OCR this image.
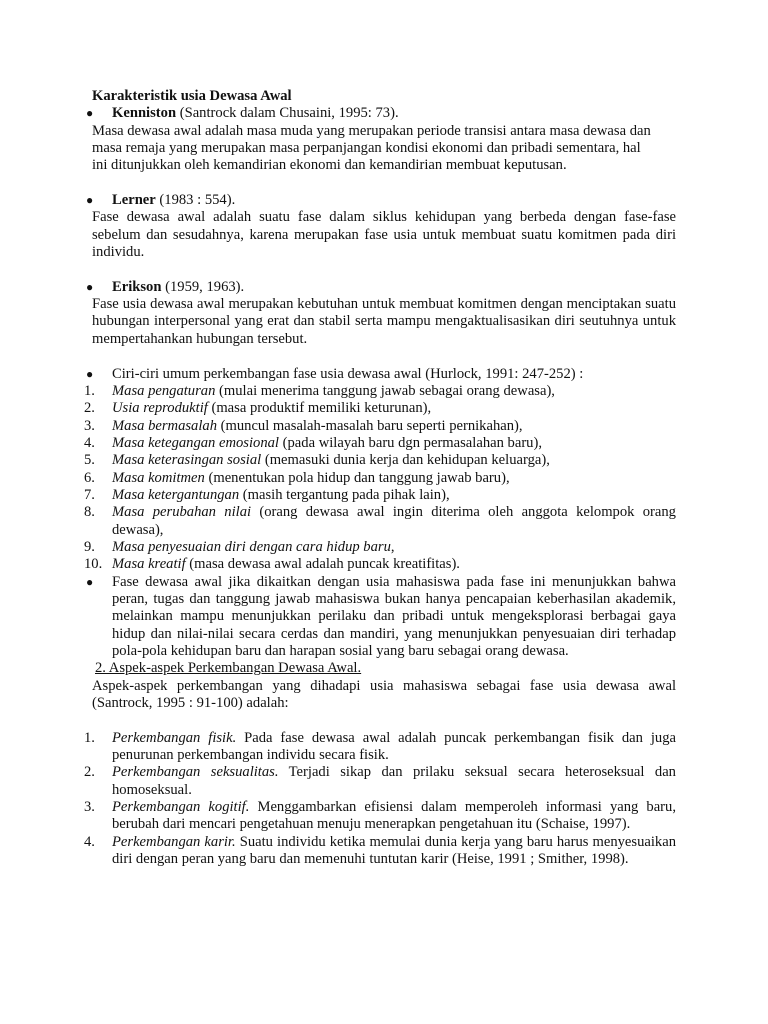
Karakteristik usia Dewasa Awal
● Kenniston (Santrock dalam Chusaini, 1995: 73).
Masa dewasa awal adalah masa muda yang merupakan periode transisi antara masa dewasa dan masa remaja yang merupakan masa perpanjangan kondisi ekonomi dan pribadi sementara, hal ini ditunjukkan oleh kemandirian ekonomi dan kemandirian membuat keputusan.
● Lerner (1983 : 554).
Fase dewasa awal adalah suatu fase dalam siklus kehidupan yang berbeda dengan fase-fase sebelum dan sesudahnya, karena merupakan fase usia untuk membuat suatu komitmen pada diri individu.
● Erikson (1959, 1963).
Fase usia dewasa awal merupakan kebutuhan untuk membuat komitmen dengan menciptakan suatu hubungan interpersonal yang erat dan stabil serta mampu mengaktualisasikan diri seutuhnya untuk mempertahankan hubungan tersebut.
● Ciri-ciri umum perkembangan fase usia dewasa awal (Hurlock, 1991: 247-252) :
1. Masa pengaturan (mulai menerima tanggung jawab sebagai orang dewasa),
2. Usia reproduktif (masa produktif memiliki keturunan),
3. Masa bermasalah (muncul masalah-masalah baru seperti pernikahan),
4. Masa ketegangan emosional (pada wilayah baru dgn permasalahan baru),
5. Masa keterasingan sosial (memasuki dunia kerja dan kehidupan keluarga),
6. Masa komitmen (menentukan pola hidup dan tanggung jawab baru),
7. Masa ketergantungan (masih tergantung pada pihak lain),
8. Masa perubahan nilai (orang dewasa awal ingin diterima oleh anggota kelompok orang dewasa),
9. Masa penyesuaian diri dengan cara hidup baru,
10. Masa kreatif (masa dewasa awal adalah puncak kreatifitas).
● Fase dewasa awal jika dikaitkan dengan usia mahasiswa pada fase ini menunjukkan bahwa peran, tugas dan tanggung jawab mahasiswa bukan hanya pencapaian keberhasilan akademik, melainkan mampu menunjukkan perilaku dan pribadi untuk mengeksplorasi berbagai gaya hidup dan nilai-nilai secara cerdas dan mandiri, yang menunjukkan penyesuaian diri terhadap pola-pola kehidupan baru dan harapan sosial yang baru sebagai orang dewasa.
2. Aspek-aspek Perkembangan Dewasa Awal.
Aspek-aspek perkembangan yang dihadapi usia mahasiswa sebagai fase usia dewasa awal (Santrock, 1995 : 91-100) adalah:
1. Perkembangan fisik. Pada fase dewasa awal adalah puncak perkembangan fisik dan juga penurunan perkembangan individu secara fisik.
2. Perkembangan seksualitas. Terjadi sikap dan prilaku seksual secara heteroseksual dan homoseksual.
3. Perkembangan kogitif. Menggambarkan efisiensi dalam memperoleh informasi yang baru, berubah dari mencari pengetahuan menuju menerapkan pengetahuan itu (Schaise, 1997).
4. Perkembangan karir. Suatu individu ketika memulai dunia kerja yang baru harus menyesuaikan diri dengan peran yang baru dan memenuhi tuntutan karir (Heise, 1991 ; Smither, 1998).
